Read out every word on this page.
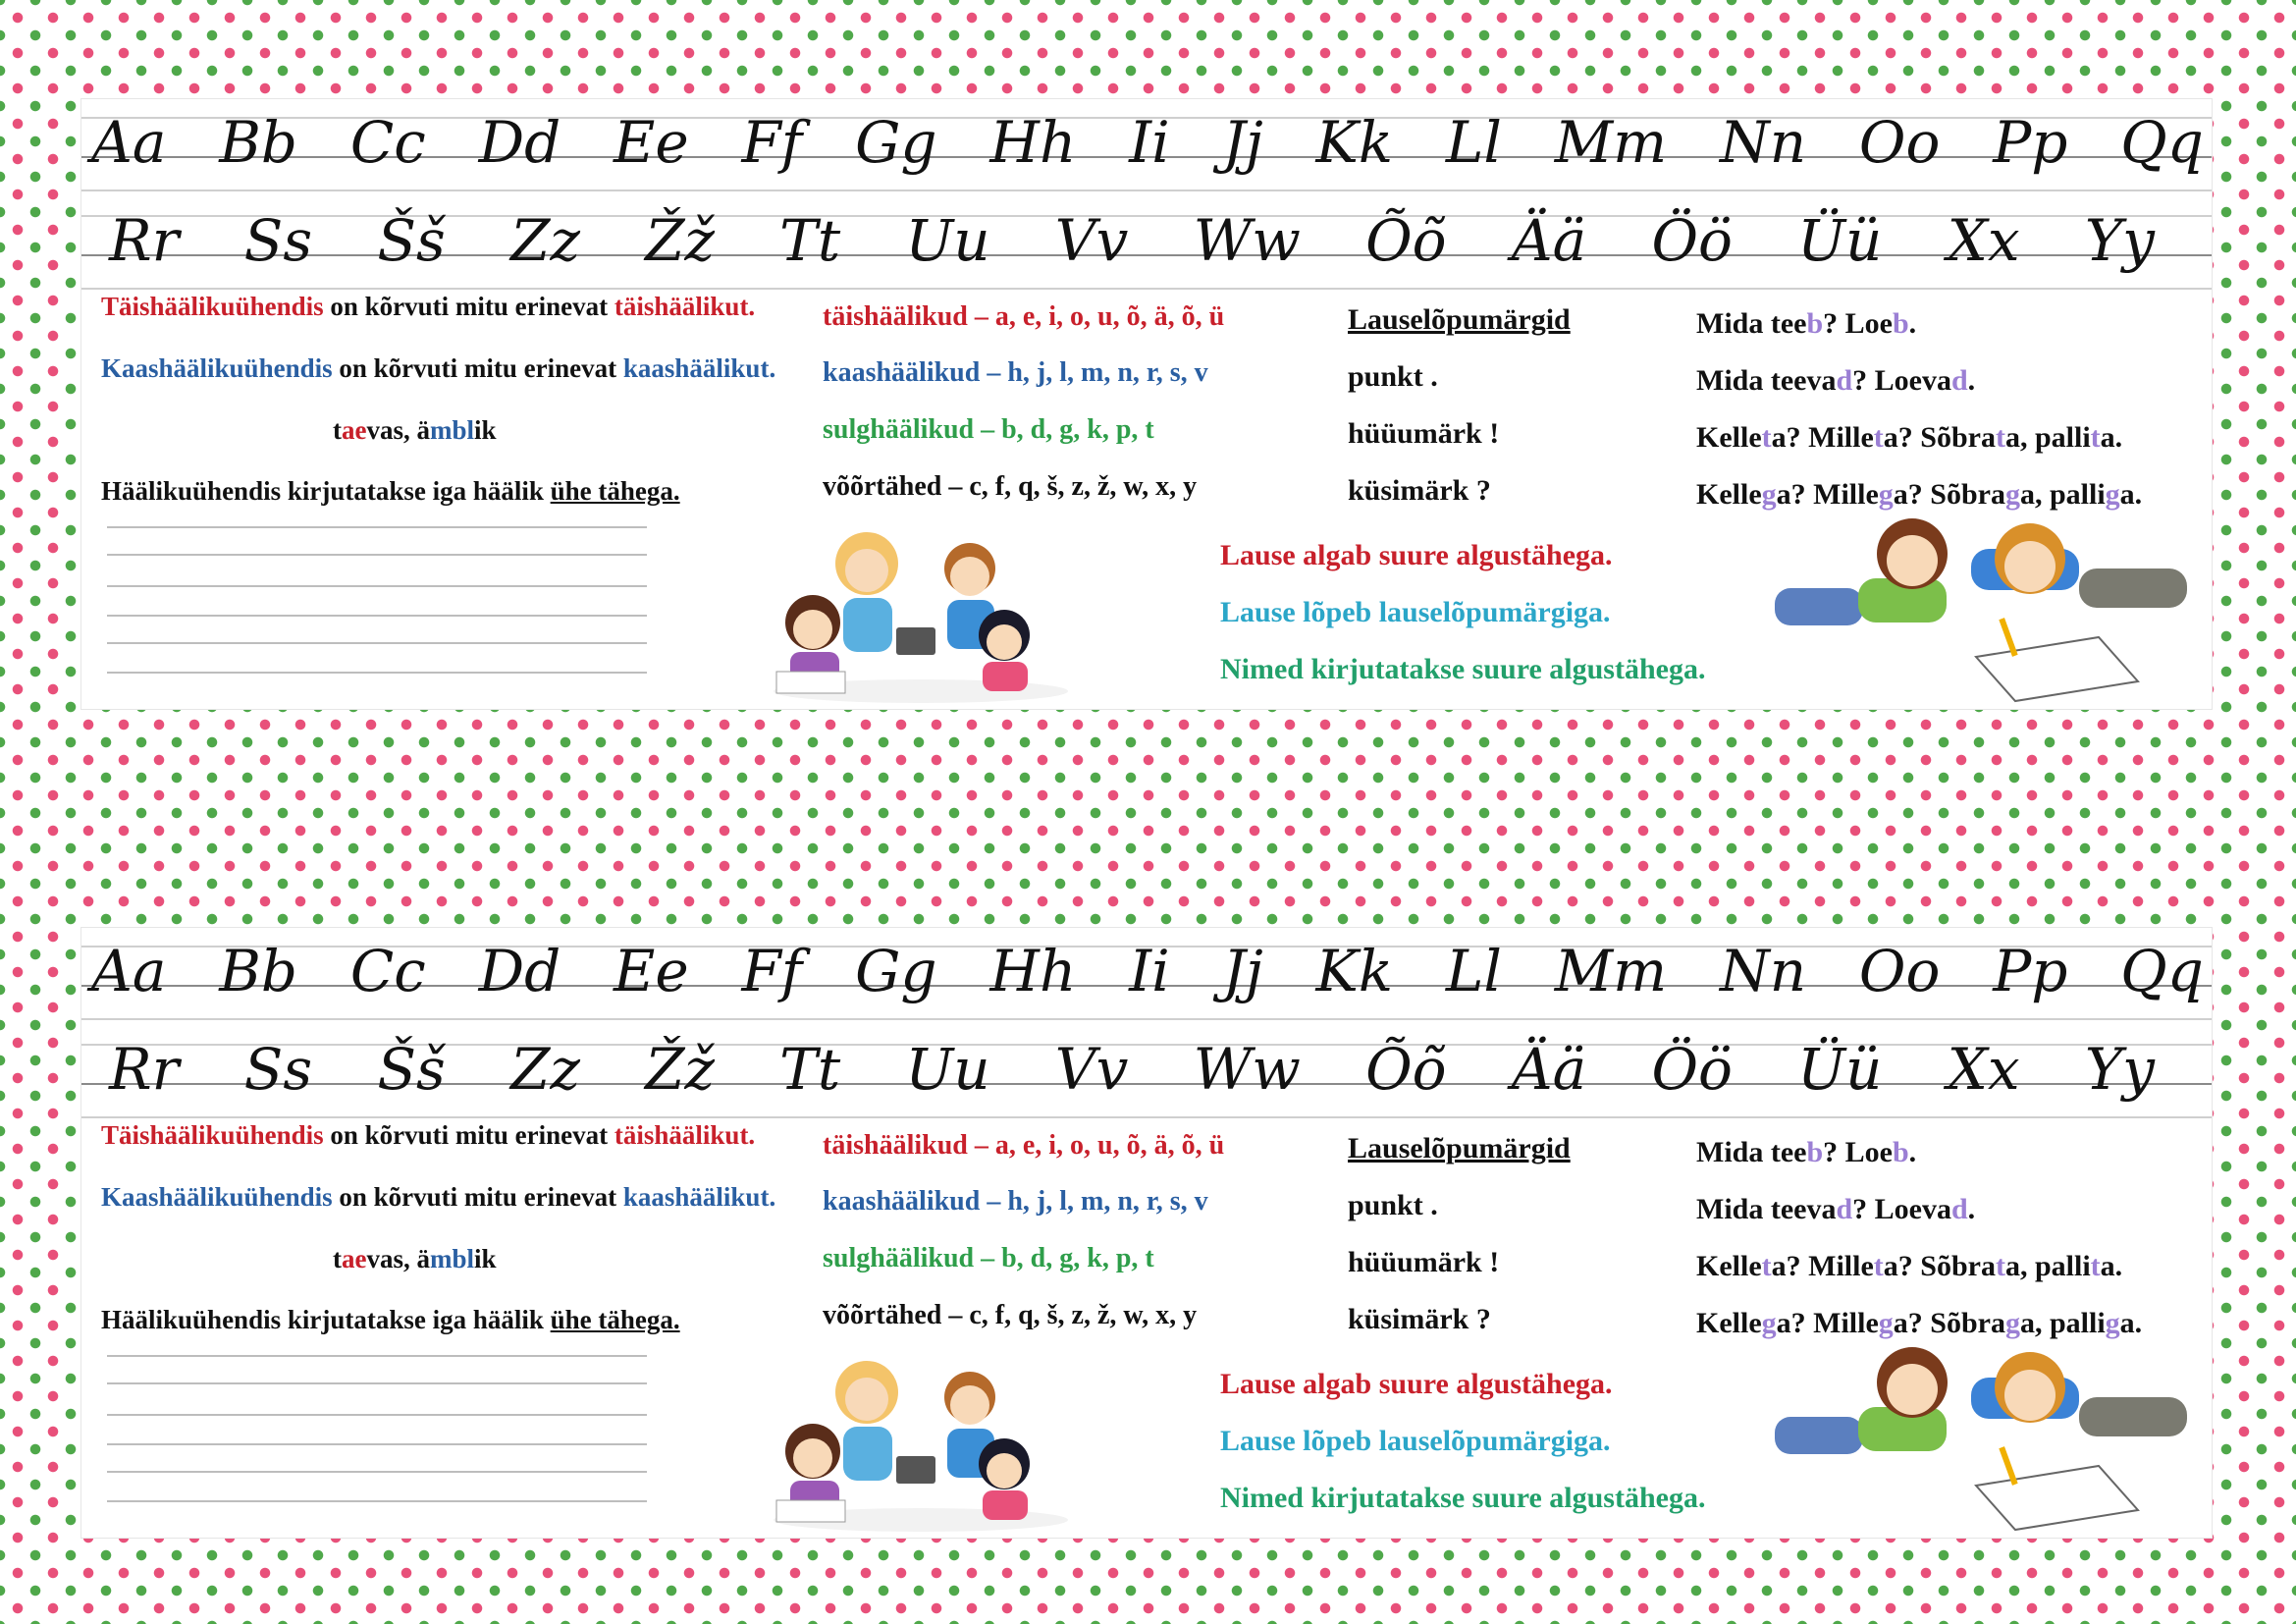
Aa Bb Cc Dd Ee Ff Gg Hh Ii Jj Kk Ll Mm Nn Oo Pp Qq
Rr Ss Šš Zz Žž Tt Uu Vv Ww Õõ Ää Öö Üü Xx Yy
Täishäälikuühendis on kõrvuti mitu erinevat täishäälikut.
Kaashäälikuühendis on kõrvuti mitu erinevat kaashäälikut.
taevas, ämblik
Häälikuühendis kirjutatakse iga häälik ühe tähega.
täishäälikud – a, e, i, o, u, õ, ä, õ, ü
kaashäälikud – h, j, l, m, n, r, s, v
sulghäälikud – b, d, g, k, p, t
võõrtähed – c, f, q, š, z, ž, w, x, y
Lauselõpumärgid
punkt .
hüüumärk !
küsimärk ?
Mida teeb? Loeb.
Mida teevad? Loevad.
Kelleta? Milleta? Sõbrata, pallita.
Kellega? Millega? Sõbraga, palliga.
Lause algab suure algustähega.
Lause lõpeb lauselõpumärgiga.
Nimed kirjutatakse suure algustähega.
Aa Bb Cc Dd Ee Ff Gg Hh Ii Jj Kk Ll Mm Nn Oo Pp Qq
Rr Ss Šš Zz Žž Tt Uu Vv Ww Õõ Ää Öö Üü Xx Yy
Täishäälikuühendis on kõrvuti mitu erinevat täishäälikut.
Kaashäälikuühendis on kõrvuti mitu erinevat kaashäälikut.
taevas, ämblik
Häälikuühendis kirjutatakse iga häälik ühe tähega.
täishäälikud – a, e, i, o, u, õ, ä, õ, ü
kaashäälikud – h, j, l, m, n, r, s, v
sulghäälikud – b, d, g, k, p, t
võõrtähed – c, f, q, š, z, ž, w, x, y
Lauselõpumärgid
punkt .
hüüumärk !
küsimärk ?
Mida teeb? Loeb.
Mida teevad? Loevad.
Kelleta? Milleta? Sõbrata, pallita.
Kellega? Millega? Sõbraga, palliga.
Lause algab suure algustähega.
Lause lõpeb lauselõpumärgiga.
Nimed kirjutatakse suure algustähega.
